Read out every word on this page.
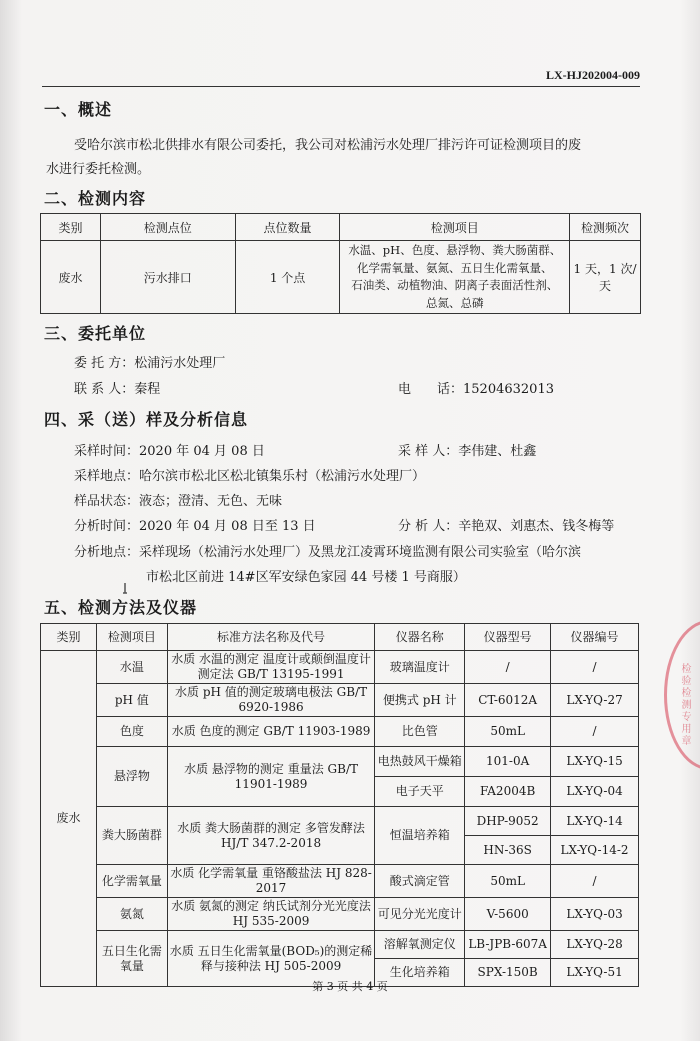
LX-HJ202004-009
一、概述
受哈尔滨市松北供排水有限公司委托，我公司对松浦污水处理厂排污许可证检测项目的废
水进行委托检测。
二、检测内容
类别	检测点位	点位数量	检测项目	检测频次
废水	污水排口	1 个点	水温、pH、色度、悬浮物、粪大肠菌群、
化学需氧量、氨氮、五日生化需氧量、
石油类、动植物油、阴离子表面活性剂、
总氮、总磷	1 天，1 次/天
三、委托单位
委 托 方：松浦污水处理厂
联 系 人：秦程	电　　话：15204632013
四、采（送）样及分析信息
采样时间：2020 年 04 月 08 日	采 样 人：李伟建、杜鑫
采样地点：哈尔滨市松北区松北镇集乐村（松浦污水处理厂）
样品状态：液态；澄清、无色、无味
分析时间：2020 年 04 月 08 日至 13 日	分 析 人：辛艳双、刘惠杰、钱冬梅等
分析地点：采样现场（松浦污水处理厂）及黑龙江凌霄环境监测有限公司实验室（哈尔滨
市松北区前进 14#区军安绿色家园 44 号楼 1 号商服）
五、检测方法及仪器
类别	检测项目	标准方法名称及代号	仪器名称	仪器型号	仪器编号
废水	水温	水质 水温的测定 温度计或颠倒温度计测定法 GB/T 13195-1991	玻璃温度计	/	/
	pH 值	水质 pH 值的测定玻璃电极法 GB/T 6920-1986	便携式 pH 计	CT-6012A	LX-YQ-27
	色度	水质 色度的测定 GB/T 11903-1989	比色管	50mL	/
	悬浮物	水质 悬浮物的测定 重量法 GB/T 11901-1989	电热鼓风干燥箱	101-0A	LX-YQ-15
			电子天平	FA2004B	LX-YQ-04
	粪大肠菌群	水质 粪大肠菌群的测定 多管发酵法 HJ/T 347.2-2018	恒温培养箱	DHP-9052	LX-YQ-14
				HN-36S	LX-YQ-14-2
	化学需氧量	水质 化学需氧量 重铬酸盐法 HJ 828-2017	酸式滴定管	50mL	/
	氨氮	水质 氨氮的测定 纳氏试剂分光光度法 HJ 535-2009	可见分光光度计	V-5600	LX-YQ-03
	五日生化需氧量	水质 五日生化需氧量(BOD₅)的测定稀释与接种法 HJ 505-2009	溶解氧测定仪	LB-JPB-607A	LX-YQ-28
			生化培养箱	SPX-150B	LX-YQ-51
第 3 页 共 4 页
检验检测专用章
